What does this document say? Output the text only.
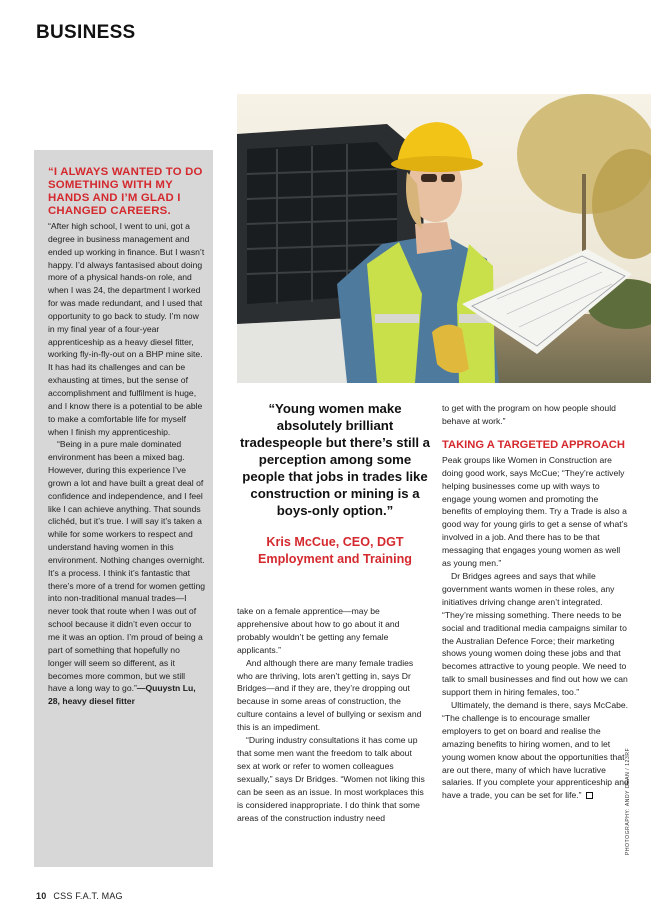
BUSINESS
“I ALWAYS WANTED TO DO SOMETHING WITH MY HANDS AND I’M GLAD I CHANGED CAREERS.

“After high school, I went to uni, got a degree in business management and ended up working in finance. But I wasn’t happy. I’d always fantasised about doing more of a physical hands-on role, and when I was 24, the department I worked for was made redundant, and I used that opportunity to go back to study. I’m now in my final year of a four-year apprenticeship as a heavy diesel fitter, working fly-in-fly-out on a BHP mine site. It has had its challenges and can be exhausting at times, but the sense of accomplishment and fulfilment is huge, and I know there is a potential to be able to make a comfortable life for myself when I finish my apprenticeship.

“Being in a pure male dominated environment has been a mixed bag. However, during this experience I’ve grown a lot and have built a great deal of confidence and independence, and I feel like I can achieve anything. That sounds clichéd, but it’s true. I will say it’s taken a while for some workers to respect and understand having women in this environment. Nothing changes overnight. It’s a process. I think it’s fantastic that there’s more of a trend for women getting into non-traditional manual trades—I never took that route when I was out of school because it didn’t even occur to me it was an option. I’m proud of being a part of something that hopefully no longer will seem so different, as it becomes more common, but we still have a long way to go.”—Quuystn Lu, 28, heavy diesel fitter

PHOTOGRAPHY: ANDY DEAN / 123RF
“Young women make absolutely brilliant tradespeople but there’s still a perception among some people that jobs in trades like construction or mining is a boys-only option.”
Kris McCue, CEO, DGT Employment and Training

take on a female apprentice—may be apprehensive about how to go about it and probably wouldn’t be getting any female applicants.”

And although there are many female tradies who are thriving, lots aren’t getting in, says Dr Bridges—and if they are, they’re dropping out because in some areas of construction, the culture contains a level of bullying or sexism and this is an impediment.

“During industry consultations it has come up that some men want the freedom to talk about sex at work or refer to women colleagues sexually,” says Dr Bridges. “Women not liking this can be seen as an issue. In most workplaces this is considered inappropriate. I do think that some areas of the construction industry need

to get with the program on how people should behave at work.”

TAKING A TARGETED APPROACH

Peak groups like Women in Construction are doing good work, says McCue; “They’re actively helping businesses come up with ways to engage young women and promoting the benefits of employing them. Try a Trade is also a good way for young girls to get a sense of what’s involved in a job. And there has to be that messaging that engages young women as well as young men.”

Dr Bridges agrees and says that while government wants women in these roles, any initiatives driving change aren’t integrated. “They’re missing something. There needs to be social and traditional media campaigns similar to the Australian Defence Force; their marketing shows young women doing these jobs and that becomes attractive to young people. We need to talk to small businesses and find out how we can support them in hiring females, too.”

Ultimately, the demand is there, says McCabe. “The challenge is to encourage smaller employers to get on board and realise the amazing benefits to hiring women, and to let young women know about the opportunities that are out there, many of which have lucrative salaries. If you complete your apprenticeship and have a trade, you can be set for life.”

10 CSS F.A.T. MAG
